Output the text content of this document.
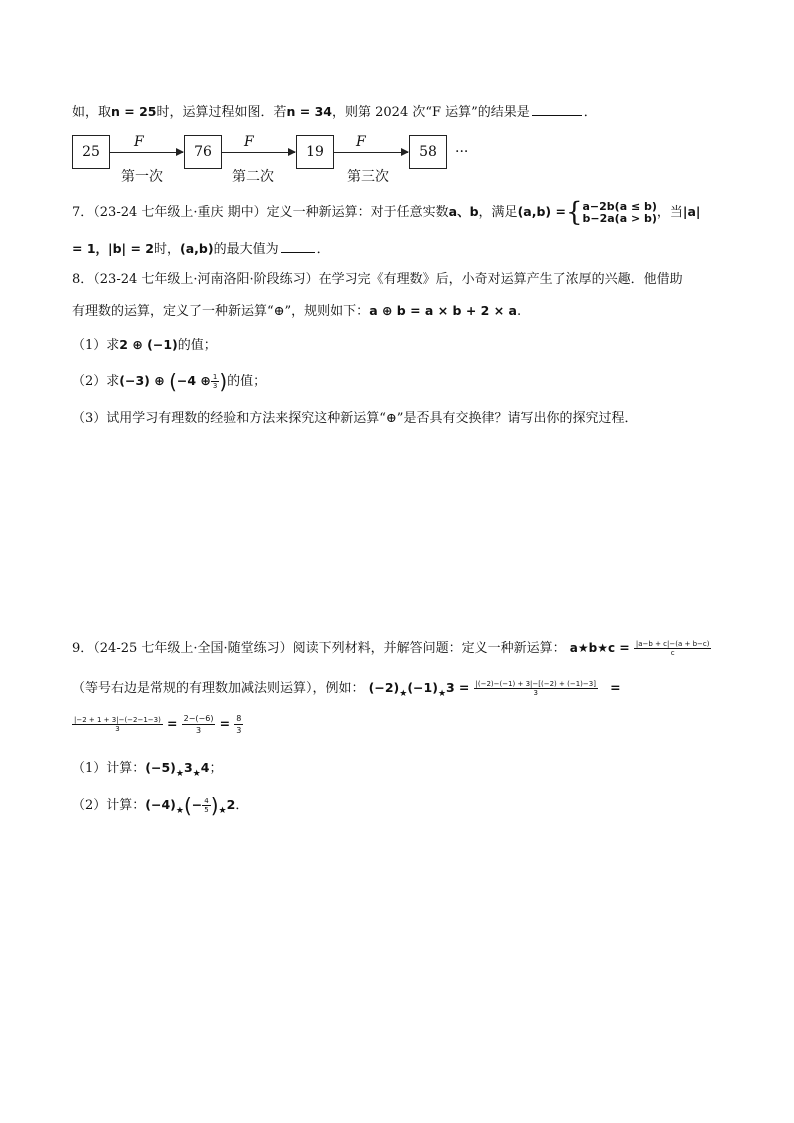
如，取n = 25时，运算过程如图．若n = 34，则第 2024 次“F 运算”的结果是	．
25
F
第一次
76
F
第二次
19
F
第三次
58	···
7．（23-24 七年级上·重庆 期中）定义一种新运算：对于任意实数a、b，满足(a,b) ={ a−2b(a ≤ b)
b−2a(a > b) ，当|a|
= 1，|b| = 2时，(a,b)的最大值为	．
8．（23-24 七年级上·河南洛阳·阶段练习）在学习完《有理数》后，小奇对运算产生了浓厚的兴趣．他借助
有理数的运算，定义了一种新运算“⊕”，规则如下：a ⊕ b = a × b + 2 × a.
（1）求2 ⊕ (−1)的值；
（2）求(−3) ⊕ (−4 ⊕ $\frac{1}{3}$ )的值；
（3）试用学习有理数的经验和方法来探究这种新运算“⊕”是否具有交换律？请写出你的探究过程．
9．（24-25 七年级上·全国·随堂练习）阅读下列材料，并解答问题：定义一种新运算： a★b★c = $\frac{|a-b + c|-(a + b-c)}{c}$
（等号右边是常规的有理数加减法则运算），例如： $(-2)_★(-1)_★3 = \frac{|(-2)-(-1) + 3|-[(-2) + (-1)-3]}{3}$ =
$\frac{|-2 + 1 + 3|-(-2-1-3)}{3} = \frac{2-(-6)}{3} = \frac{8}{3}$
（1）计算：$(-5)_★3_★4$；
（2）计算：$(-4)_★(- \frac{4}{5} )_★2$．
